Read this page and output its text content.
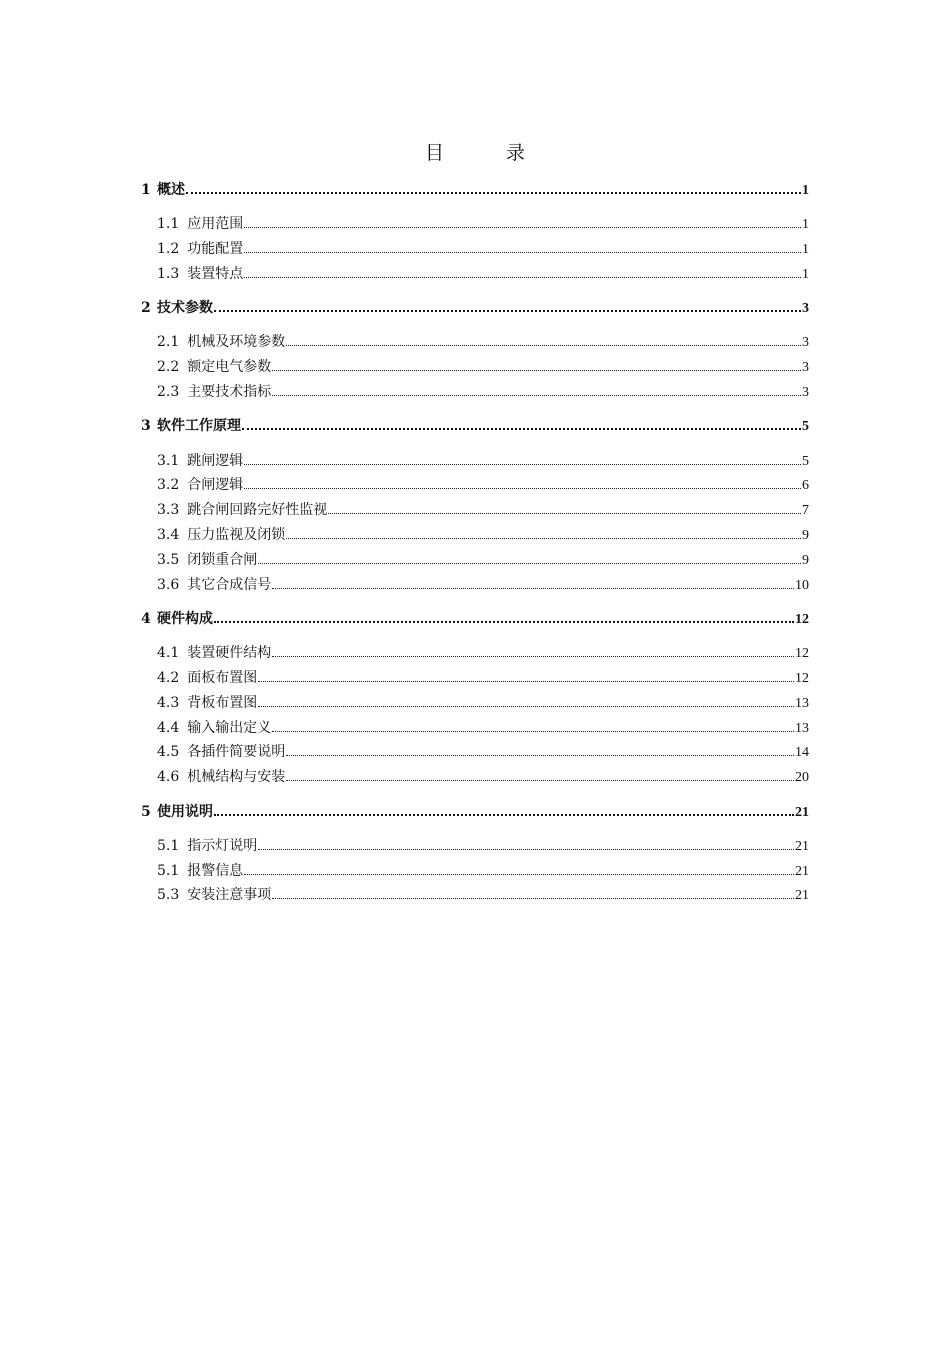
目 录
1 概述	1
1.1 应用范围	1
1.2 功能配置	1
1.3 装置特点	1
2 技术参数	3
2.1 机械及环境参数	3
2.2 额定电气参数	3
2.3 主要技术指标	3
3 软件工作原理	5
3.1 跳闸逻辑	5
3.2 合闸逻辑	6
3.3 跳合闸回路完好性监视	7
3.4 压力监视及闭锁	9
3.5 闭锁重合闸	9
3.6 其它合成信号	10
4 硬件构成	12
4.1 装置硬件结构	12
4.2 面板布置图	12
4.3 背板布置图	13
4.4 输入输出定义	13
4.5 各插件简要说明	14
4.6 机械结构与安装	20
5 使用说明	21
5.1 指示灯说明	21
5.1 报警信息	21
5.3 安装注意事项	21
